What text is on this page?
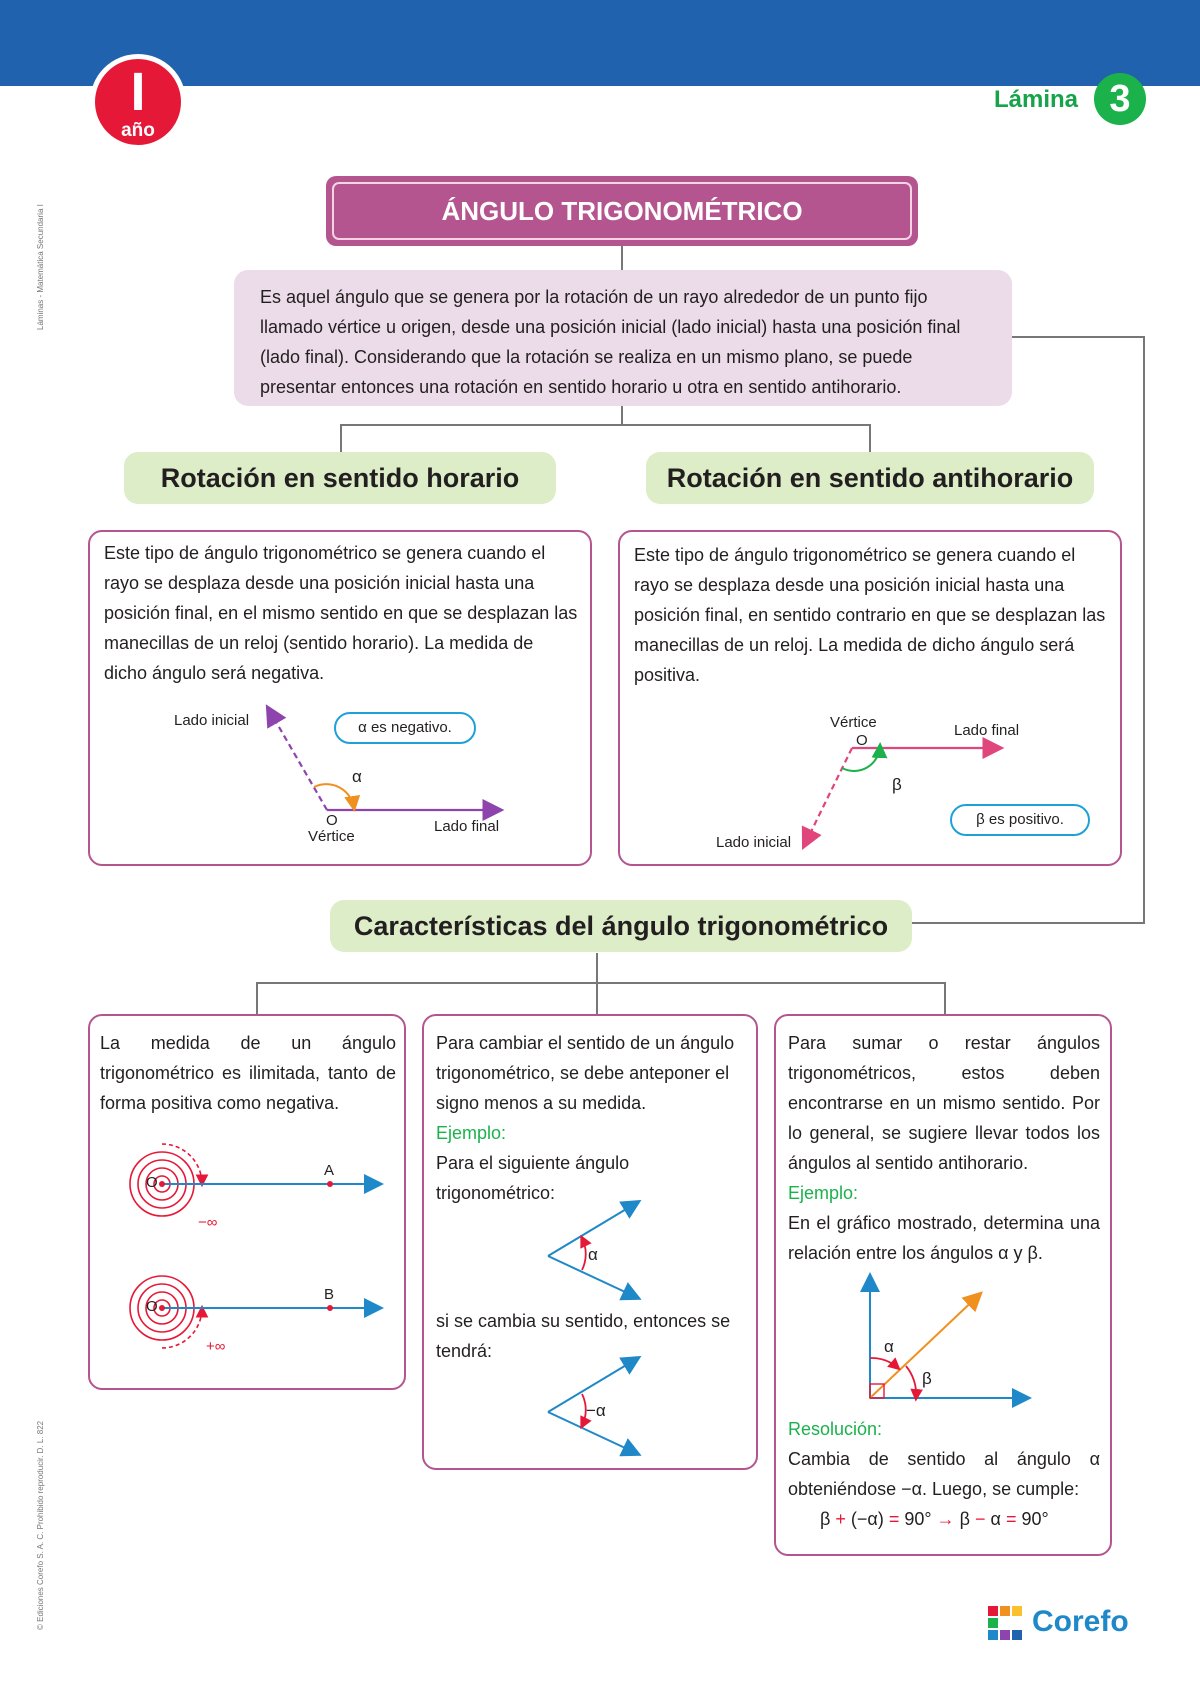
I
año
Lámina 3
Láminas - Matemática Secundaria I
© Ediciones Corefo S. A. C. Prohibido reproducir. D. L. 822
ÁNGULO TRIGONOMÉTRICO
Es aquel ángulo que se genera por la rotación de un rayo alrededor de un punto fijo llamado vértice u origen, desde una posición inicial (lado inicial) hasta una posición final (lado final). Considerando que la rotación se realiza en un mismo plano, se puede presentar entonces una rotación en sentido horario u otra en sentido antihorario.
Rotación en sentido horario	Rotación en sentido antihorario
Este tipo de ángulo trigonométrico se genera cuando el rayo se desplaza desde una posición inicial hasta una posición final, en el mismo sentido en que se desplazan las manecillas de un reloj (sentido horario). La medida de dicho ángulo será negativa.
Lado inicial
Lado final
O
Vértice
α
α es negativo.
Este tipo de ángulo trigonométrico se genera cuando el rayo se desplaza desde una posición inicial hasta una posición final, en sentido contrario en que se desplazan las manecillas de un reloj. La medida de dicho ángulo será positiva.
Vértice
O
Lado final
Lado inicial
β
β es positivo.
Características del ángulo trigonométrico
La medida de un ángulo trigonométrico es ilimitada, tanto de forma positiva como negativa.
O
A
−∞
O
B
+∞
Para cambiar el sentido de un ángulo trigonométrico, se debe anteponer el signo menos a su medida.
Ejemplo:
Para el siguiente ángulo trigonométrico:
si se cambia su sentido, entonces se tendrá:
α
−α
Para sumar o restar ángulos trigonométricos, estos deben encontrarse en un mismo sentido. Por lo general, se sugiere llevar todos los ángulos al sentido antihorario.
Ejemplo:
En el gráfico mostrado, determina una relación entre los ángulos α y β.
α
β
Resolución:
Cambia de sentido al ángulo α obteniéndose −α. Luego, se cumple:
β + (−α) = 90° → β − α = 90°
Corefo
